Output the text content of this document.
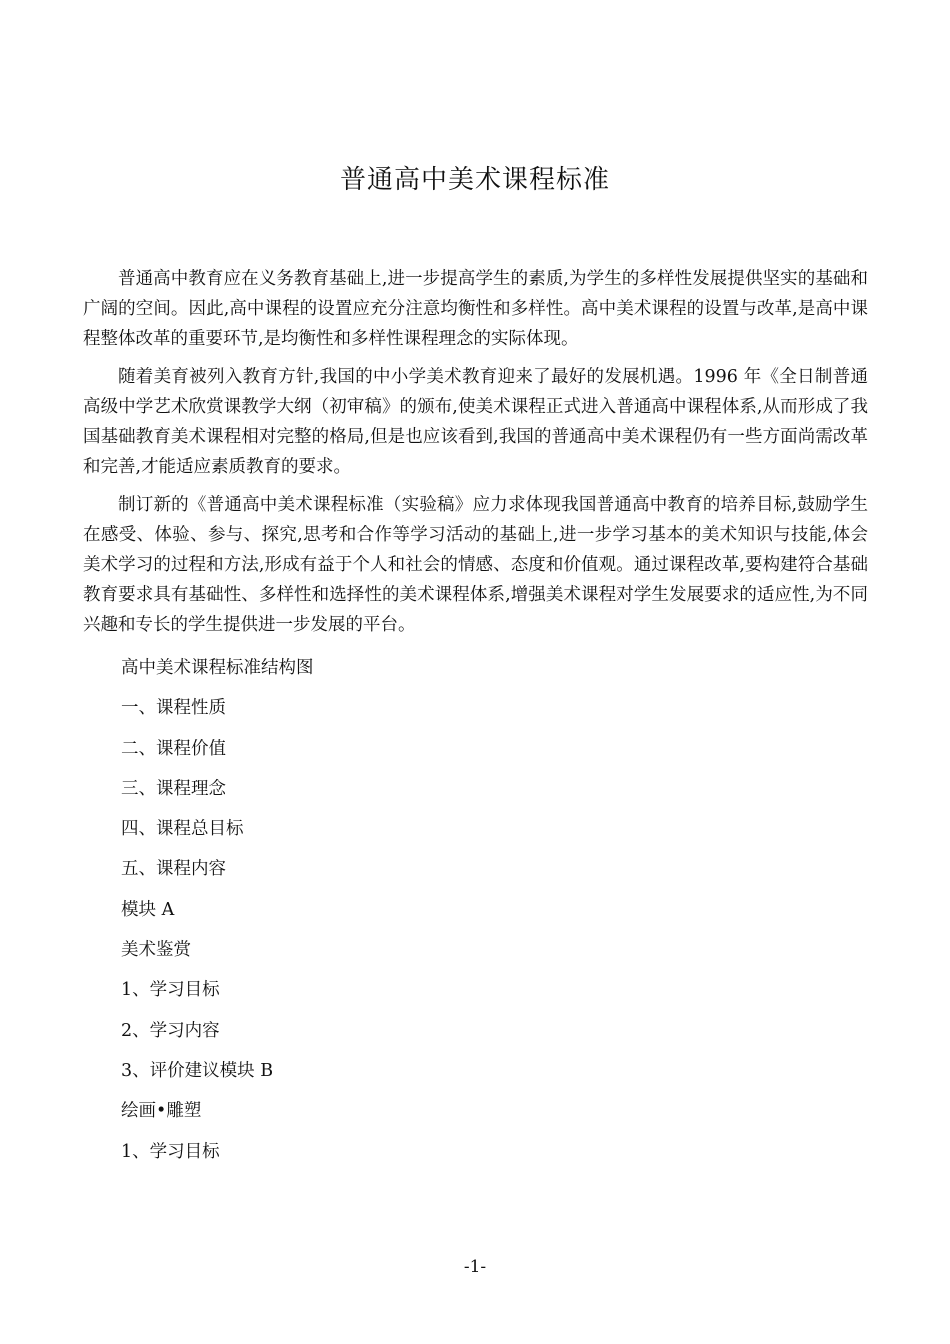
普通高中美术课程标准

普通高中教育应在义务教育基础上,进一步提高学生的素质,为学生的多样性发展提供坚实的基础和广阔的空间。因此,高中课程的设置应充分注意均衡性和多样性。高中美术课程的设置与改革,是高中课程整体改革的重要环节,是均衡性和多样性课程理念的实际体现。

随着美育被列入教育方针,我国的中小学美术教育迎来了最好的发展机遇。1996 年《全日制普通高级中学艺术欣赏课教学大纲（初审稿》的颁布,使美术课程正式进入普通高中课程体系,从而形成了我国基础教育美术课程相对完整的格局,但是也应该看到,我国的普通高中美术课程仍有一些方面尚需改革和完善,才能适应素质教育的要求。

制订新的《普通高中美术课程标准（实验稿》应力求体现我国普通高中教育的培养目标,鼓励学生在感受、体验、参与、探究,思考和合作等学习活动的基础上,进一步学习基本的美术知识与技能,体会美术学习的过程和方法,形成有益于个人和社会的情感、态度和价值观。通过课程改革,要构建符合基础教育要求具有基础性、多样性和选择性的美术课程体系,增强美术课程对学生发展要求的适应性,为不同兴趣和专长的学生提供进一步发展的平台。

高中美术课程标准结构图

一、课程性质

二、课程价值

三、课程理念

四、课程总目标

五、课程内容

模块 A

美术鉴赏

1、学习目标

2、学习内容

3、评价建议模块 B

绘画•雕塑

1、学习目标

-1-
